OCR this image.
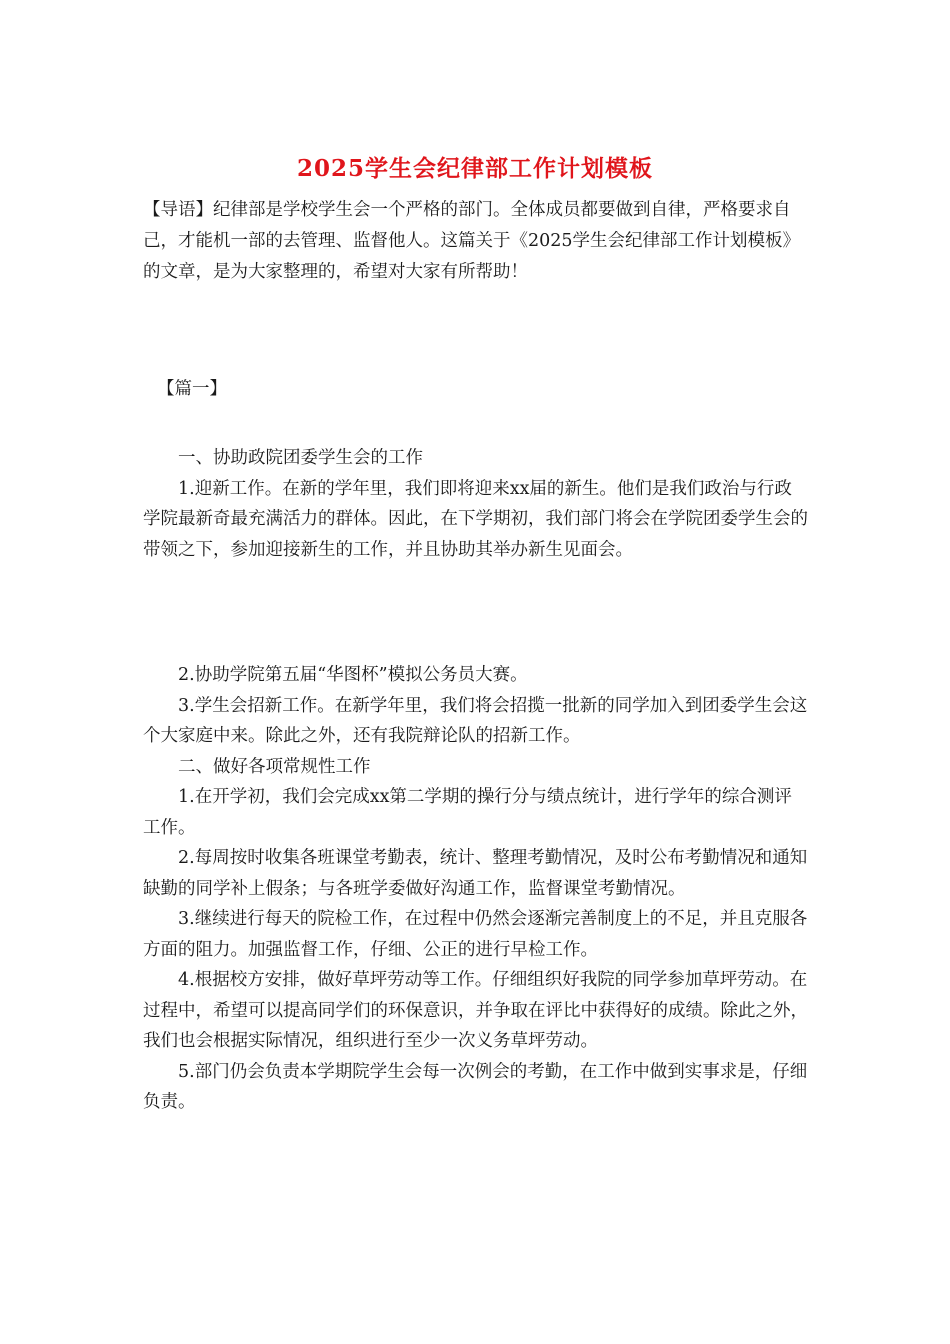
2025学生会纪律部工作计划模板
【导语】纪律部是学校学生会一个严格的部门。全体成员都要做到自律，严格要求自己，才能机一部的去管理、监督他人。这篇关于《2025学生会纪律部工作计划模板》的文章，是为大家整理的，希望对大家有所帮助！
【篇一】

一、协助政院团委学生会的工作

1.迎新工作。在新的学年里，我们即将迎来xx届的新生。他们是我们政治与行政学院最新奇最充满活力的群体。因此，在下学期初，我们部门将会在学院团委学生会的带领之下，参加迎接新生的工作，并且协助其举办新生见面会。

2.协助学院第五届“华图杯”模拟公务员大赛。

3.学生会招新工作。在新学年里，我们将会招揽一批新的同学加入到团委学生会这个大家庭中来。除此之外，还有我院辩论队的招新工作。

二、做好各项常规性工作

1.在开学初，我们会完成xx第二学期的操行分与绩点统计，进行学年的综合测评工作。

2.每周按时收集各班课堂考勤表，统计、整理考勤情况，及时公布考勤情况和通知缺勤的同学补上假条；与各班学委做好沟通工作，监督课堂考勤情况。

3.继续进行每天的院检工作，在过程中仍然会逐渐完善制度上的不足，并且克服各方面的阻力。加强监督工作，仔细、公正的进行早检工作。

4.根据校方安排，做好草坪劳动等工作。仔细组织好我院的同学参加草坪劳动。在过程中，希望可以提高同学们的环保意识，并争取在评比中获得好的成绩。除此之外，我们也会根据实际情况，组织进行至少一次义务草坪劳动。

5.部门仍会负责本学期院学生会每一次例会的考勤，在工作中做到实事求是，仔细负责。
